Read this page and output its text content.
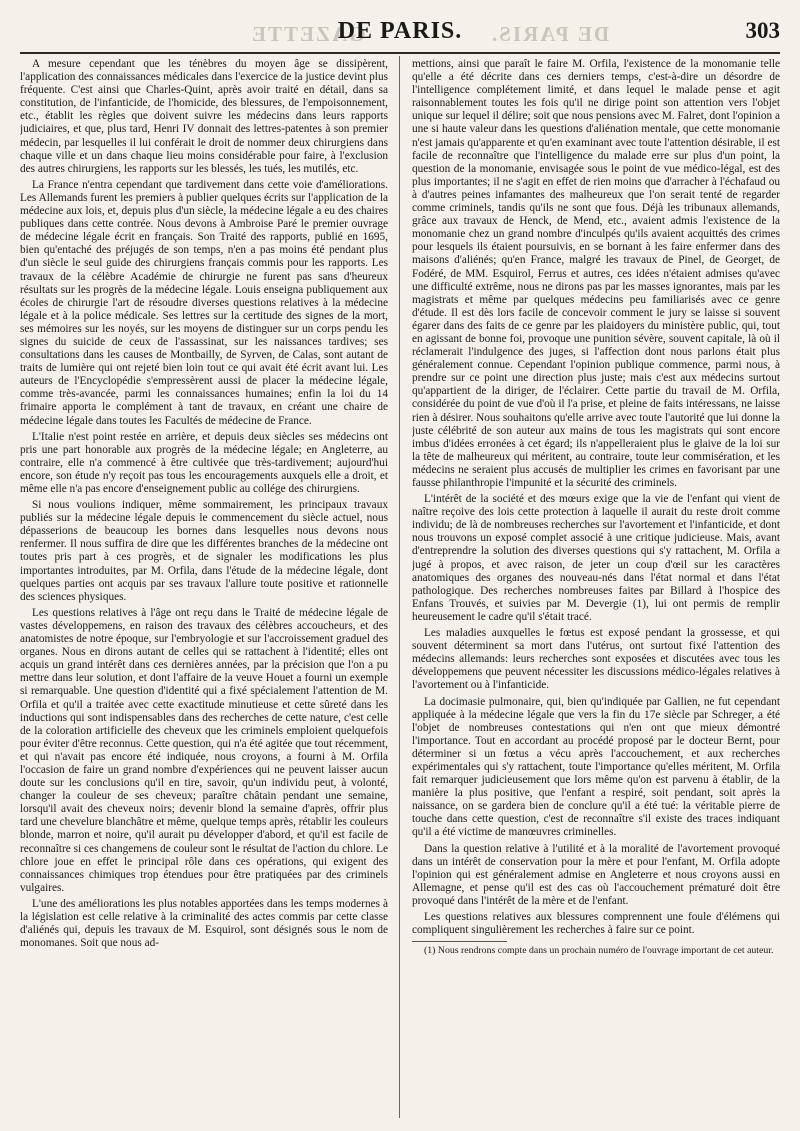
GAZETTE	DE PARIS.
DE PARIS.	303

A mesure cependant que les ténèbres du moyen âge se dissipèrent, l'application des connaissances médicales dans l'exercice de la justice devint plus fréquente. C'est ainsi que Charles-Quint, après avoir traité en détail, dans sa constitution, de l'infanticide, de l'homicide, des blessures, de l'empoisonnement, etc., établit les règles que doivent suivre les médecins dans leurs rapports judiciaires, et que, plus tard, Henri IV donnait des lettres-patentes à son premier médecin, par lesquelles il lui conférait le droit de nommer deux chirurgiens dans chaque ville et un dans chaque lieu moins considérable pour faire, à l'exclusion des autres chirurgiens, les rapports sur les blessés, les tués, les mutilés, etc.

La France n'entra cependant que tardivement dans cette voie d'améliorations. Les Allemands furent les premiers à publier quelques écrits sur l'application de la médecine aux lois, et, depuis plus d'un siècle, la médecine légale a eu des chaires publiques dans cette contrée. Nous devons à Ambroise Paré le premier ouvrage de médecine légale écrit en français. Son Traité des rapports, publié en 1695, bien qu'entaché des préjugés de son temps, n'en a pas moins été pendant plus d'un siècle le seul guide des chirurgiens français commis pour les rapports. Les travaux de la célèbre Académie de chirurgie ne furent pas sans d'heureux résultats sur les progrès de la médecine légale. Louis enseigna publiquement aux écoles de chirurgie l'art de résoudre diverses questions relatives à la médecine légale et à la police médicale. Ses lettres sur la certitude des signes de la mort, ses mémoires sur les noyés, sur les moyens de distinguer sur un corps pendu les signes du suicide de ceux de l'assassinat, sur les naissances tardives; ses consultations dans les causes de Montbailly, de Syrven, de Calas, sont autant de traits de lumière qui ont rejeté bien loin tout ce qui avait été écrit avant lui. Les auteurs de l'Encyclopédie s'empressèrent aussi de placer la médecine légale, comme très-avancée, parmi les connaissances humaines; enfin la loi du 14 frimaire apporta le complément à tant de travaux, en créant une chaire de médecine légale dans toutes les Facultés de médecine de France.

L'Italie n'est point restée en arrière, et depuis deux siècles ses médecins ont pris une part honorable aux progrès de la médecine légale; en Angleterre, au contraire, elle n'a commencé à être cultivée que très-tardivement; aujourd'hui encore, son étude n'y reçoit pas tous les encouragements auxquels elle a droit, et même elle n'a pas encore d'enseignement public au collége des chirurgiens.

Si nous voulions indiquer, même sommairement, les principaux travaux publiés sur la médecine légale depuis le commencement du siècle actuel, nous dépasserions de beaucoup les bornes dans lesquelles nous devons nous renfermer. Il nous suffira de dire que les différentes branches de la médecine ont toutes pris part à ces progrès, et de signaler les modifications les plus importantes introduites, par M. Orfila, dans l'étude de la médecine légale, dont quelques parties ont acquis par ses travaux l'allure toute positive et rationnelle des sciences physiques.

Les questions relatives à l'âge ont reçu dans le Traité de médecine légale de vastes développemens, en raison des travaux des célèbres accoucheurs, et des anatomistes de notre époque, sur l'embryologie et sur l'accroissement graduel des organes. Nous en dirons autant de celles qui se rattachent à l'identité; elles ont acquis un grand intérêt dans ces dernières années, par la précision que l'on a pu mettre dans leur solution, et dont l'affaire de la veuve Houet a fourni un exemple si remarquable. Une question d'identité qui a fixé spécialement l'attention de M. Orfila et qu'il a traitée avec cette exactitude minutieuse et cette sûreté dans les inductions qui sont indispensables dans des recherches de cette nature, c'est celle de la coloration artificielle des cheveux que les criminels emploient quelquefois pour éviter d'être reconnus. Cette question, qui n'a été agitée que tout récemment, et qui n'avait pas encore été indiquée, nous croyons, a fourni à M. Orfila l'occasion de faire un grand nombre d'expériences qui ne peuvent laisser aucun doute sur les conclusions qu'il en tire, savoir, qu'un individu peut, à volonté, changer la couleur de ses cheveux; paraître châtain pendant une semaine, lorsqu'il avait des cheveux noirs; devenir blond la semaine d'après, offrir plus tard une chevelure blanchâtre et même, quelque temps après, rétablir les couleurs blonde, marron et noire, qu'il aurait pu développer d'abord, et qu'il est facile de reconnaître si ces changemens de couleur sont le résultat de l'action du chlore. Le chlore joue en effet le principal rôle dans ces opérations, qui exigent des connaissances chimiques trop étendues pour être pratiquées par des criminels vulgaires.

L'une des améliorations les plus notables apportées dans les temps modernes à la législation est celle relative à la criminalité des actes commis par cette classe d'aliénés qui, depuis les travaux de M. Esquirol, sont désignés sous le nom de monomanes. Soit que nous ad-

mettions, ainsi que paraît le faire M. Orfila, l'existence de la monomanie telle qu'elle a été décrite dans ces derniers temps, c'est-à-dire un désordre de l'intelligence complétement limité, et dans lequel le malade pense et agit raisonnablement toutes les fois qu'il ne dirige point son attention vers l'objet unique sur lequel il délire; soit que nous pensions avec M. Falret, dont l'opinion a une si haute valeur dans les questions d'aliénation mentale, que cette monomanie n'est jamais qu'apparente et qu'en examinant avec toute l'attention désirable, il est facile de reconnaître que l'intelligence du malade erre sur plus d'un point, la question de la monomanie, envisagée sous le point de vue médico-légal, est des plus importantes; il ne s'agit en effet de rien moins que d'arracher à l'échafaud ou à d'autres peines infamantes des malheureux que l'on serait tenté de regarder comme criminels, tandis qu'ils ne sont que fous. Déjà les tribunaux allemands, grâce aux travaux de Henck, de Mend, etc., avaient admis l'existence de la monomanie chez un grand nombre d'inculpés qu'ils avaient acquittés des crimes pour lesquels ils étaient poursuivis, en se bornant à les faire enfermer dans des maisons d'aliénés; qu'en France, malgré les travaux de Pinel, de Georget, de Fodéré, de MM. Esquirol, Ferrus et autres, ces idées n'étaient admises qu'avec une difficulté extrême, nous ne dirons pas par les masses ignorantes, mais par les magistrats et même par quelques médecins peu familiarisés avec ce genre d'étude. Il est dès lors facile de concevoir comment le jury se laisse si souvent égarer dans des faits de ce genre par les plaidoyers du ministère public, qui, tout en agissant de bonne foi, provoque une punition sévère, souvent capitale, là où il réclamerait l'indulgence des juges, si l'affection dont nous parlons était plus généralement connue. Cependant l'opinion publique commence, parmi nous, à prendre sur ce point une direction plus juste; mais c'est aux médecins surtout qu'appartient de la diriger, de l'éclairer. Cette partie du travail de M. Orfila, considérée du point de vue d'où il l'a prise, et pleine de faits intéressans, ne laisse rien à désirer. Nous souhaitons qu'elle arrive avec toute l'autorité que lui donne la juste célébrité de son auteur aux mains de tous les magistrats qui sont encore imbus d'idées erronées à cet égard; ils n'appelleraient plus le glaive de la loi sur la tête de malheureux qui méritent, au contraire, toute leur commisération, et les médecins ne seraient plus accusés de multiplier les crimes en favorisant par une fausse philanthropie l'impunité et la sécurité des criminels.

L'intérêt de la société et des mœurs exige que la vie de l'enfant qui vient de naître reçoive des lois cette protection à laquelle il aurait du reste droit comme individu; de là de nombreuses recherches sur l'avortement et l'infanticide, et dont nous trouvons un exposé complet associé à une critique judicieuse. Mais, avant d'entreprendre la solution des diverses questions qui s'y rattachent, M. Orfila a jugé à propos, et avec raison, de jeter un coup d'œil sur les caractères anatomiques des organes des nouveau-nés dans l'état normal et dans l'état pathologique. Des recherches nombreuses faites par Billard à l'hospice des Enfans Trouvés, et suivies par M. Devergie (1), lui ont permis de remplir heureusement le cadre qu'il s'était tracé.

Les maladies auxquelles le fœtus est exposé pendant la grossesse, et qui souvent déterminent sa mort dans l'utérus, ont surtout fixé l'attention des médecins allemands: leurs recherches sont exposées et discutées avec tous les développemens que peuvent nécessiter les discussions médico-légales relatives à l'avortement ou à l'infanticide.

La docimasie pulmonaire, qui, bien qu'indiquée par Gallien, ne fut cependant appliquée à la médecine légale que vers la fin du 17e siècle par Schreger, a été l'objet de nombreuses contestations qui n'en ont que mieux démontré l'importance. Tout en accordant au procédé proposé par le docteur Bernt, pour déterminer si un fœtus a vécu après l'accouchement, et aux recherches expérimentales qui s'y rattachent, toute l'importance qu'elles méritent, M. Orfila fait remarquer judicieusement que lors même qu'on est parvenu à établir, de la manière la plus positive, que l'enfant a respiré, soit pendant, soit après la naissance, on se gardera bien de conclure qu'il a été tué: la véritable pierre de touche dans cette question, c'est de reconnaître s'il existe des traces indiquant qu'il a été victime de manœuvres criminelles.

Dans la question relative à l'utilité et à la moralité de l'avortement provoqué dans un intérêt de conservation pour la mère et pour l'enfant, M. Orfila adopte l'opinion qui est généralement admise en Angleterre et nous croyons aussi en Allemagne, et pense qu'il est des cas où l'accouchement prématuré doit être provoqué dans l'intérêt de la mère et de l'enfant.

Les questions relatives aux blessures comprennent une foule d'élémens qui compliquent singulièrement les recherches à faire sur ce point.

(1) Nous rendrons compte dans un prochain numéro de l'ouvrage important de cet auteur.
